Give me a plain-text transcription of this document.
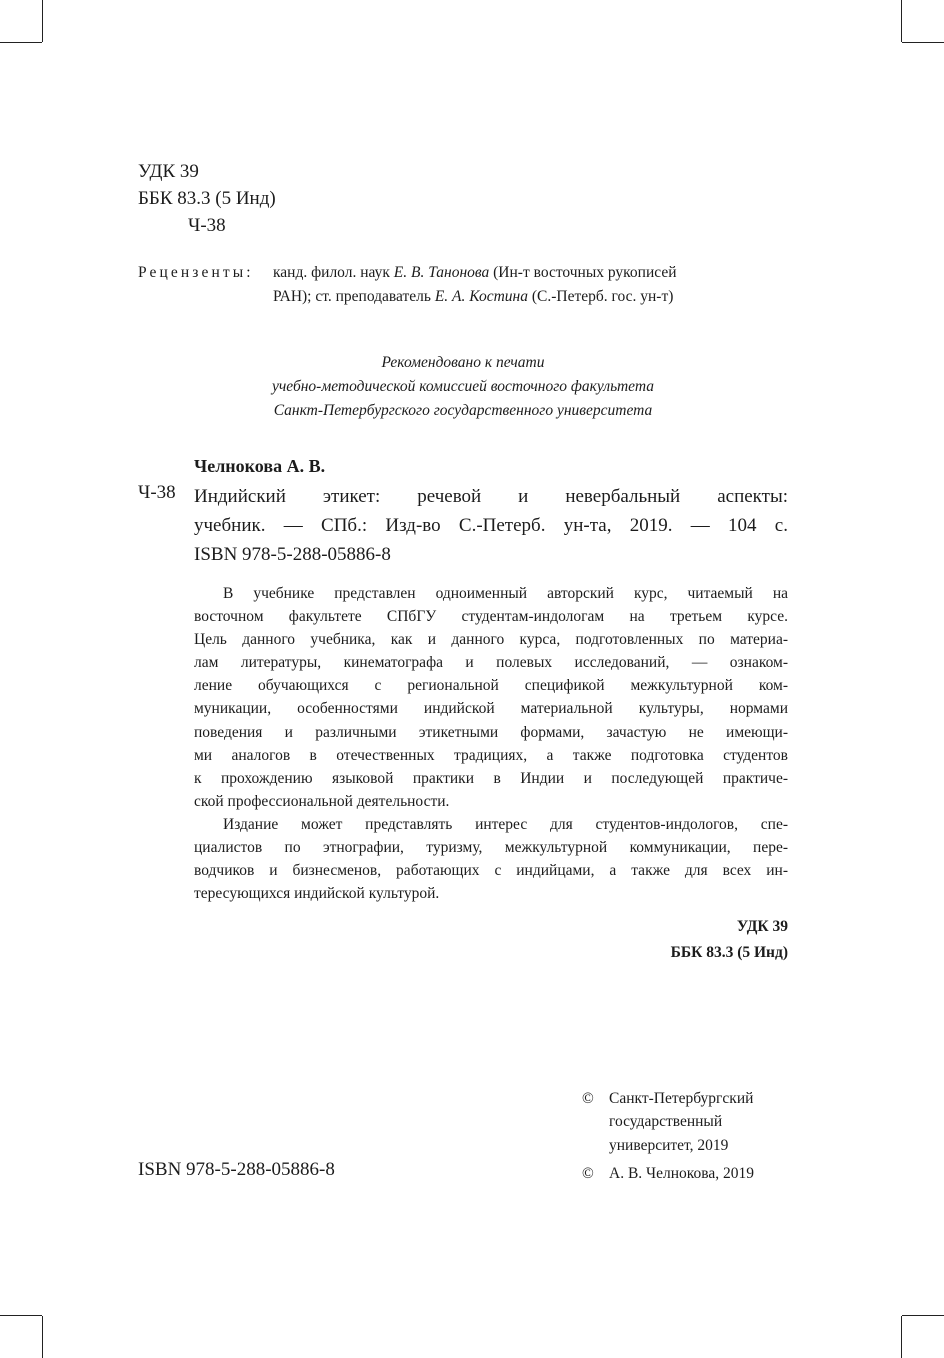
УДК 39
ББК 83.3 (5 Инд)
Ч-38
Рецензенты: канд. филол. наук Е. В. Танонова (Ин-т восточных рукописей
РАН); ст. преподаватель Е. А. Костина (С.-Петерб. гос. ун-т)
Рекомендовано к печати
учебно-методической комиссией восточного факультета
Санкт-Петербургского государственного университета
Челнокова А. В.
Ч-38 Индийский этикет: речевой и невербальный аспекты:
учебник. — СПб.: Изд-во С.-Петерб. ун-та, 2019. — 104 с.
ISBN 978-5-288-05886-8
В учебнике представлен одноименный авторский курс, читаемый на
восточном факультете СПбГУ студентам-индологам на третьем курсе.
Цель данного учебника, как и данного курса, подготовленных по материа-
лам литературы, кинематографа и полевых исследований, — ознаком-
ление обучающихся с региональной спецификой межкультурной ком-
муникации, особенностями индийской материальной культуры, нормами
поведения и различными этикетными формами, зачастую не имеющи-
ми аналогов в отечественных традициях, а также подготовка студентов
к прохождению языковой практики в Индии и последующей практиче-
ской профессиональной деятельности.
Издание может представлять интерес для студентов-индологов, спе-
циалистов по этнографии, туризму, межкультурной коммуникации, пере-
водчиков и бизнесменов, работающих с индийцами, а также для всех ин-
тересующихся индийской культурой.
УДК 39
ББК 83.3 (5 Инд)
© Санкт-Петербургский
государственный
университет, 2019
© А. В. Челнокова, 2019
ISBN 978-5-288-05886-8
